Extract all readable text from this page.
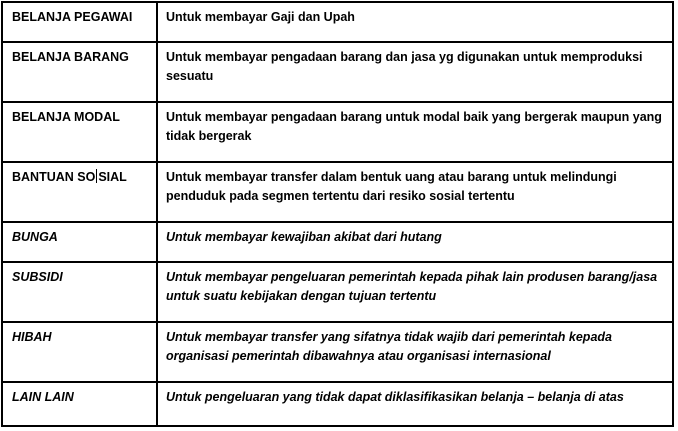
BELANJA PEGAWAI	Untuk membayar Gaji dan Upah
BELANJA BARANG	Untuk membayar pengadaan barang dan jasa yg digunakan untuk memproduksi sesuatu
BELANJA MODAL	Untuk membayar pengadaan barang untuk modal baik yang bergerak maupun yang tidak bergerak
BANTUAN SO SIAL	Untuk membayar transfer dalam bentuk uang atau barang untuk melindungi penduduk pada segmen tertentu dari resiko sosial tertentu
BUNGA	Untuk membayar kewajiban akibat dari hutang
SUBSIDI	Untuk membayar pengeluaran pemerintah kepada pihak lain produsen barang/jasa untuk suatu kebijakan dengan tujuan tertentu
HIBAH	Untuk membayar transfer yang sifatnya tidak wajib dari pemerintah kepada organisasi pemerintah dibawahnya atau organisasi internasional
LAIN LAIN	Untuk pengeluaran yang tidak dapat diklasifikasikan belanja – belanja di atas
